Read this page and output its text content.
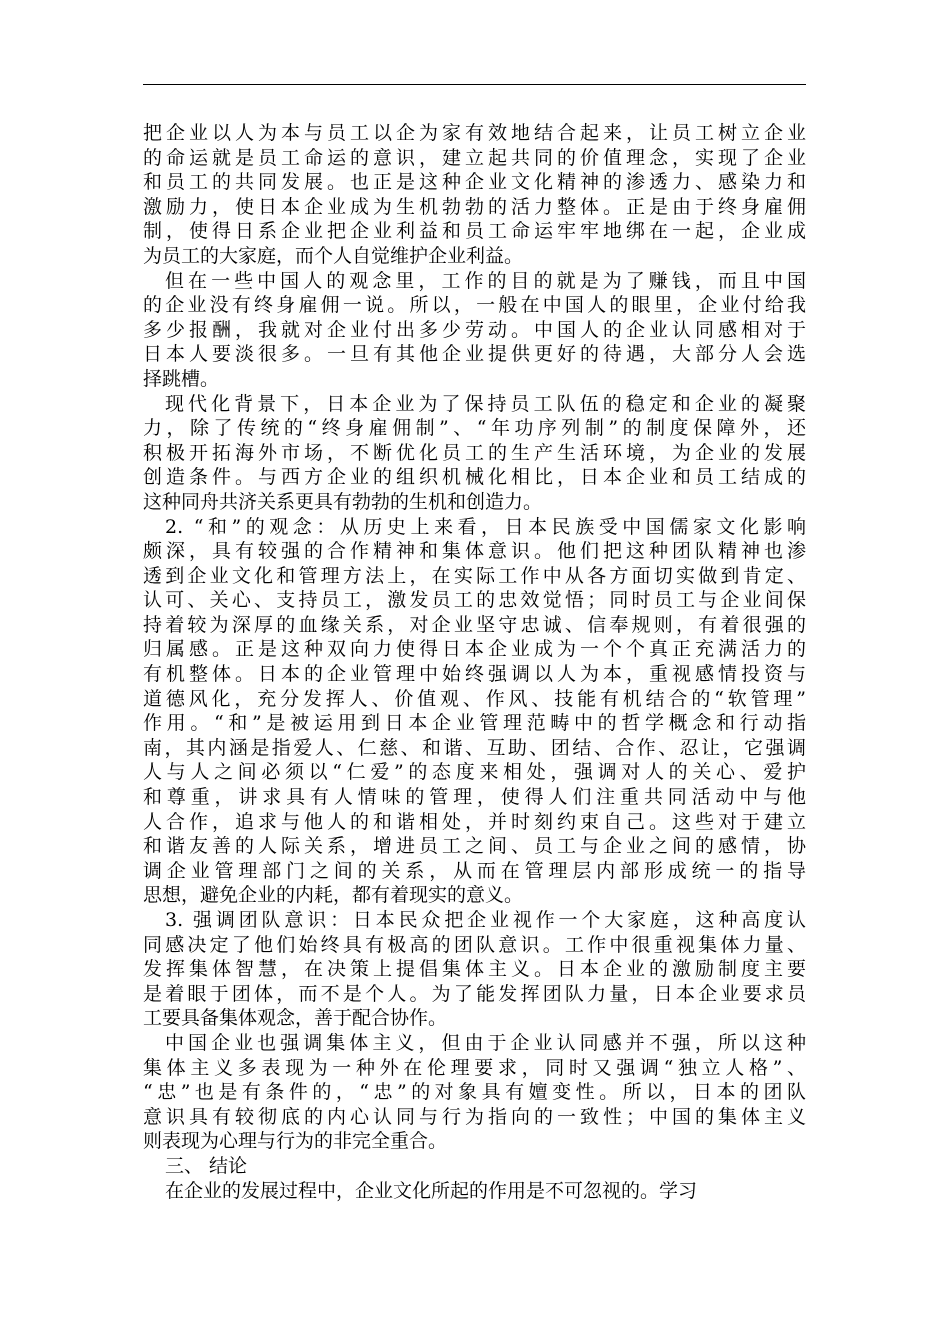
把企业以人为本与员工以企为家有效地结合起来，让员工树立企业
的命运就是员工命运的意识，建立起共同的价值理念，实现了企业
和员工的共同发展。也正是这种企业文化精神的渗透力、感染力和
激励力，使日本企业成为生机勃勃的活力整体。正是由于终身雇佣
制，使得日系企业把企业利益和员工命运牢牢地绑在一起，企业成
为员工的大家庭，而个人自觉维护企业利益。
但在一些中国人的观念里，工作的目的就是为了赚钱，而且中国
的企业没有终身雇佣一说。所以，一般在中国人的眼里，企业付给我
多少报酬，我就对企业付出多少劳动。中国人的企业认同感相对于
日本人要淡很多。一旦有其他企业提供更好的待遇，大部分人会选
择跳槽。
现代化背景下，日本企业为了保持员工队伍的稳定和企业的凝聚
力，除了传统的“终身雇佣制”、“年功序列制”的制度保障外，还
积极开拓海外市场，不断优化员工的生产生活环境，为企业的发展
创造条件。与西方企业的组织机械化相比，日本企业和员工结成的
这种同舟共济关系更具有勃勃的生机和创造力。
2. “和”的观念：从历史上来看，日本民族受中国儒家文化影响
颇深，具有较强的合作精神和集体意识。他们把这种团队精神也渗
透到企业文化和管理方法上，在实际工作中从各方面切实做到肯定、
认可、关心、支持员工，激发员工的忠效觉悟；同时员工与企业间保
持着较为深厚的血缘关系，对企业坚守忠诚、信奉规则，有着很强的
归属感。正是这种双向力使得日本企业成为一个个真正充满活力的
有机整体。日本的企业管理中始终强调以人为本，重视感情投资与
道德风化，充分发挥人、价值观、作风、技能有机结合的“软管理”
作用。“和”是被运用到日本企业管理范畴中的哲学概念和行动指
南，其内涵是指爱人、仁慈、和谐、互助、团结、合作、忍让，它强调
人与人之间必须以“仁爱”的态度来相处，强调对人的关心、爱护
和尊重，讲求具有人情味的管理，使得人们注重共同活动中与他
人合作，追求与他人的和谐相处，并时刻约束自己。这些对于建立
和谐友善的人际关系，增进员工之间、员工与企业之间的感情，协
调企业管理部门之间的关系，从而在管理层内部形成统一的指导
思想，避免企业的内耗，都有着现实的意义。
3. 强调团队意识：日本民众把企业视作一个大家庭，这种高度认
同感决定了他们始终具有极高的团队意识。工作中很重视集体力量、
发挥集体智慧，在决策上提倡集体主义。日本企业的激励制度主要
是着眼于团体，而不是个人。为了能发挥团队力量，日本企业要求员
工要具备集体观念，善于配合协作。
中国企业也强调集体主义，但由于企业认同感并不强，所以这种
集体主义多表现为一种外在伦理要求，同时又强调“独立人格”、
“忠”也是有条件的，“忠”的对象具有嬗变性。所以，日本的团队
意识具有较彻底的内心认同与行为指向的一致性；中国的集体主义
则表现为心理与行为的非完全重合。
三、 结论
在企业的发展过程中，企业文化所起的作用是不可忽视的。学习
